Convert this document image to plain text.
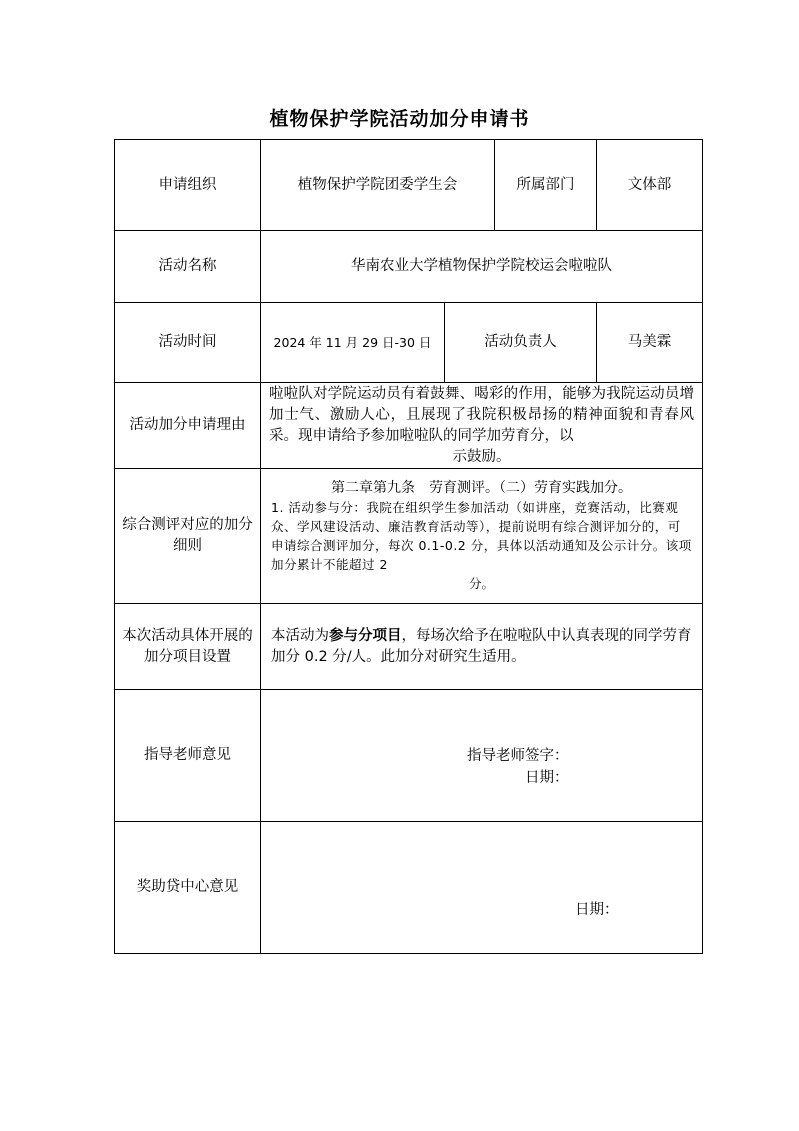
植物保护学院活动加分申请书
申请组织	植物保护学院团委学生会		所属部门	文体部
活动名称	华南农业大学植物保护学院校运会啦啦队			
活动时间	2024 年 11 月 29 日-30 日	活动负责人		马美霖
活动加分申请理由	啦啦队对学院运动员有着鼓舞、喝彩的作用，能够为我院运动员增加士气、激励人心，且展现了我院积极昂扬的精神面貌和青春风采。现申请给予参加啦啦队的同学加劳育分，以
示鼓励。			

综合测评对应的加分细则	第二章第九条　劳育测评。（二）劳育实践加分。
1. 活动参与分：我院在组织学生参加活动（如讲座，竞赛活动，比赛观众、学风建设活动、廉洁教育活动等），提前说明有综合测评加分的，可申请综合测评加分，每次 0.1-0.2 分，具体以活动通知及公示计分。该项加分累计不能超过 2
分。			

本次活动具体开展的加分项目设置	本活动为参与分项目，每场次给予在啦啦队中认真表现的同学劳育加分 0.2 分/人。此加分对研究生适用。			
指导老师意见	指导老师签字：
日期：			

奖助贷中心意见	日期：			
